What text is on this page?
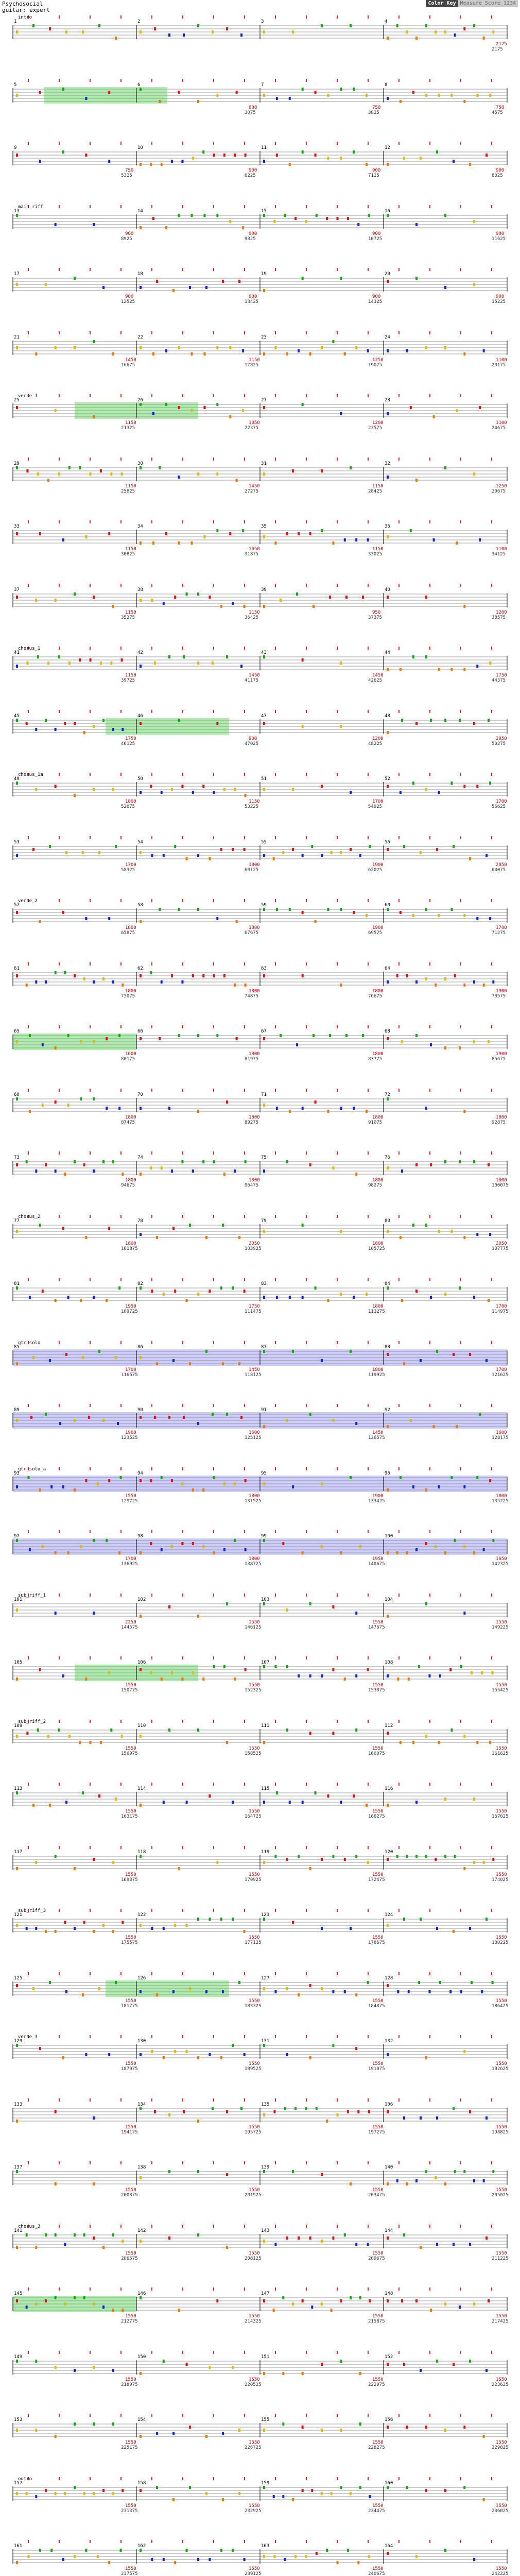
Psychosocial
guitar; expert
Color Key Measure Score 1234
1	2	3	4
2175
2175
intro
5	6
900
3075
7
750
3825
8
750
4575
9
750
5325
10
900
6225
11
900
7125
12
900
8025
13
900
8925
14
900
9825
15
900
10725
16
900
11625
main_riff
17
900
12525
18
900
13425
19
900
14325
20
900
15225
21
1450
16675
22
1150
17825
23
1250
19075
24
1100
20175
25
1150
21325
26
1050
22375
27
1200
23575
28
1100
24675
verse_1
29
1150
25825
30
1450
27275
31
1150
28425
32
1250
29675
33
1150
30825
34
1050
31875
35
1150
33025
36
1100
34125
37
1150
35275
38
1150
36425
39
950
37375
40
1200
38575
41
1150
39725
42
1450
41175
43
1450
42625
44
1750
44375
chorus_1
45
1750
46125
46
900
47025
47
1200
48225
48
2050
50275
49
1800
52075
50
1150
53225
51
1700
54925
52
1700
56625
chorus_1a
53
1700
58325
54
1800
60125
55
1900
62025
56
2050
64075
57
1800
65875
58
1800
67675
59
1900
69575
60
1700
71275
verse_2
61
1800
73075
62
1800
74875
63
1800
76675
64
1900
78575
65
1600
80175
66
1800
81975
67
1800
83775
68
1900
85675
69
1800
87475
70
1800
89275
71
1800
91075
72
1800
92875
73
1800
94675
74
1800
96475
75
1800
98275
76
1800
100075
77
1800
101875
78
2050
103925
79
1800
105725
80
2050
107775
chorus_2
81
1950
109725
82
1750
111475
83
1800
113275
84
1700
114975
85
1700
116675
86
1450
118125
87
1800
119925
88
1700
121625
gtr_solo
89
1900
123525
90
1600
125125
91
1450
126575
92
1600
128175
93
1550
129725
94
1800
131525
95
1900
133425
96
1800
135225
gtr_solo_a
97
1700
136925
98
1800
138725
99
1950
140675
100
1650
142325
101
2250
144575
102
1550
146125
103
1550
147675
104
1550
149225
sub_riff_1
105
1550
150775
106
1550
152325
107
1550
153875
108
1550
155425
109
1550
156975
110
1550
158525
111
1550
160075
112
1550
161625
sub_riff_2
113
1550
163175
114
1550
164725
115
1550
166275
116
1550
167825
117
1550
169375
118
1550
170925
119
1550
172475
120
1550
174025
121
1550
175575
122
1550
177125
123
1550
178675
124
1550
180225
sub_riff_3
125
1550
181775
126
1550
183325
127
1550
184875
128
1550
186425
129
1550
187975
130
1550
189525
131
1550
191075
132
1550
192625
verse_3
133
1550
194175
134
1550
195725
135
1550
197275
136
1550
198825
137
1550
200375
138
1550
201925
139
1550
203475
140
1550
205025
141
1550
206575
142
1550
208125
143
1550
209675
144
1550
211225
chorus_3
145
1550
212775
146
1550
214325
147
1550
215875
148
1550
217425
149
1550
218975
150
1550
220525
151
1550
222075
152
1550
223625
153
1550
225175
154
1550
226725
155
1550
228275
156
1550
229825
157
1550
231375
158
1550
232925
159
1550
234475
160
1550
236025
outro
161
1550
237575
162
1550
239125
163
1550
240675
164
1550
242225
